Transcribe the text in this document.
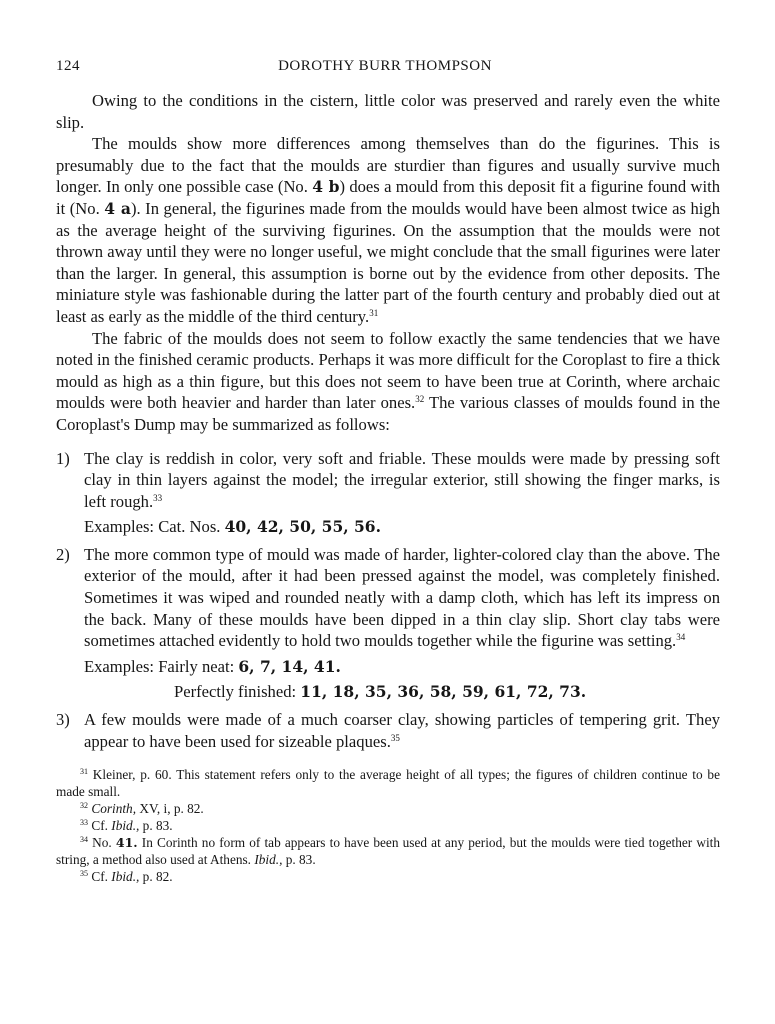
124	DOROTHY BURR THOMPSON

Owing to the conditions in the cistern, little color was preserved and rarely even the white slip.

The moulds show more differences among themselves than do the figurines. This is presumably due to the fact that the moulds are sturdier than figures and usually survive much longer. In only one possible case (No. 4 b) does a mould from this deposit fit a figurine found with it (No. 4 a). In general, the figurines made from the moulds would have been almost twice as high as the average height of the surviving figurines. On the assumption that the moulds were not thrown away until they were no longer useful, we might conclude that the small figurines were later than the larger. In general, this assumption is borne out by the evidence from other deposits. The miniature style was fashionable during the latter part of the fourth century and probably died out at least as early as the middle of the third century.$^{31}$

The fabric of the moulds does not seem to follow exactly the same tendencies that we have noted in the finished ceramic products. Perhaps it was more difficult for the Coroplast to fire a thick mould as high as a thin figure, but this does not seem to have been true at Corinth, where archaic moulds were both heavier and harder than later ones.$^{32}$ The various classes of moulds found in the Coroplast's Dump may be summarized as follows:

1) The clay is reddish in color, very soft and friable. These moulds were made by pressing soft clay in thin layers against the model; the irregular exterior, still showing the finger marks, is left rough.$^{33}$
Examples: Cat. Nos. 40, 42, 50, 55, 56.
2) The more common type of mould was made of harder, lighter-colored clay than the above. The exterior of the mould, after it had been pressed against the model, was completely finished. Sometimes it was wiped and rounded neatly with a damp cloth, which has left its impress on the back. Many of these moulds have been dipped in a thin clay slip. Short clay tabs were sometimes attached evidently to hold two moulds together while the figurine was setting.$^{34}$
Examples: Fairly neat: 6, 7, 14, 41.
Perfectly finished: 11, 18, 35, 36, 58, 59, 61, 72, 73.
3) A few moulds were made of a much coarser clay, showing particles of tempering grit. They appear to have been used for sizeable plaques.$^{35}$

$^{31}$ Kleiner, p. 60. This statement refers only to the average height of all types; the figures of children continue to be made small.

$^{32}$ Corinth, XV, i, p. 82.

$^{33}$ Cf. Ibid., p. 83.

$^{34}$ No. 41. In Corinth no form of tab appears to have been used at any period, but the moulds were tied together with string, a method also used at Athens. Ibid., p. 83.

$^{35}$ Cf. Ibid., p. 82.
